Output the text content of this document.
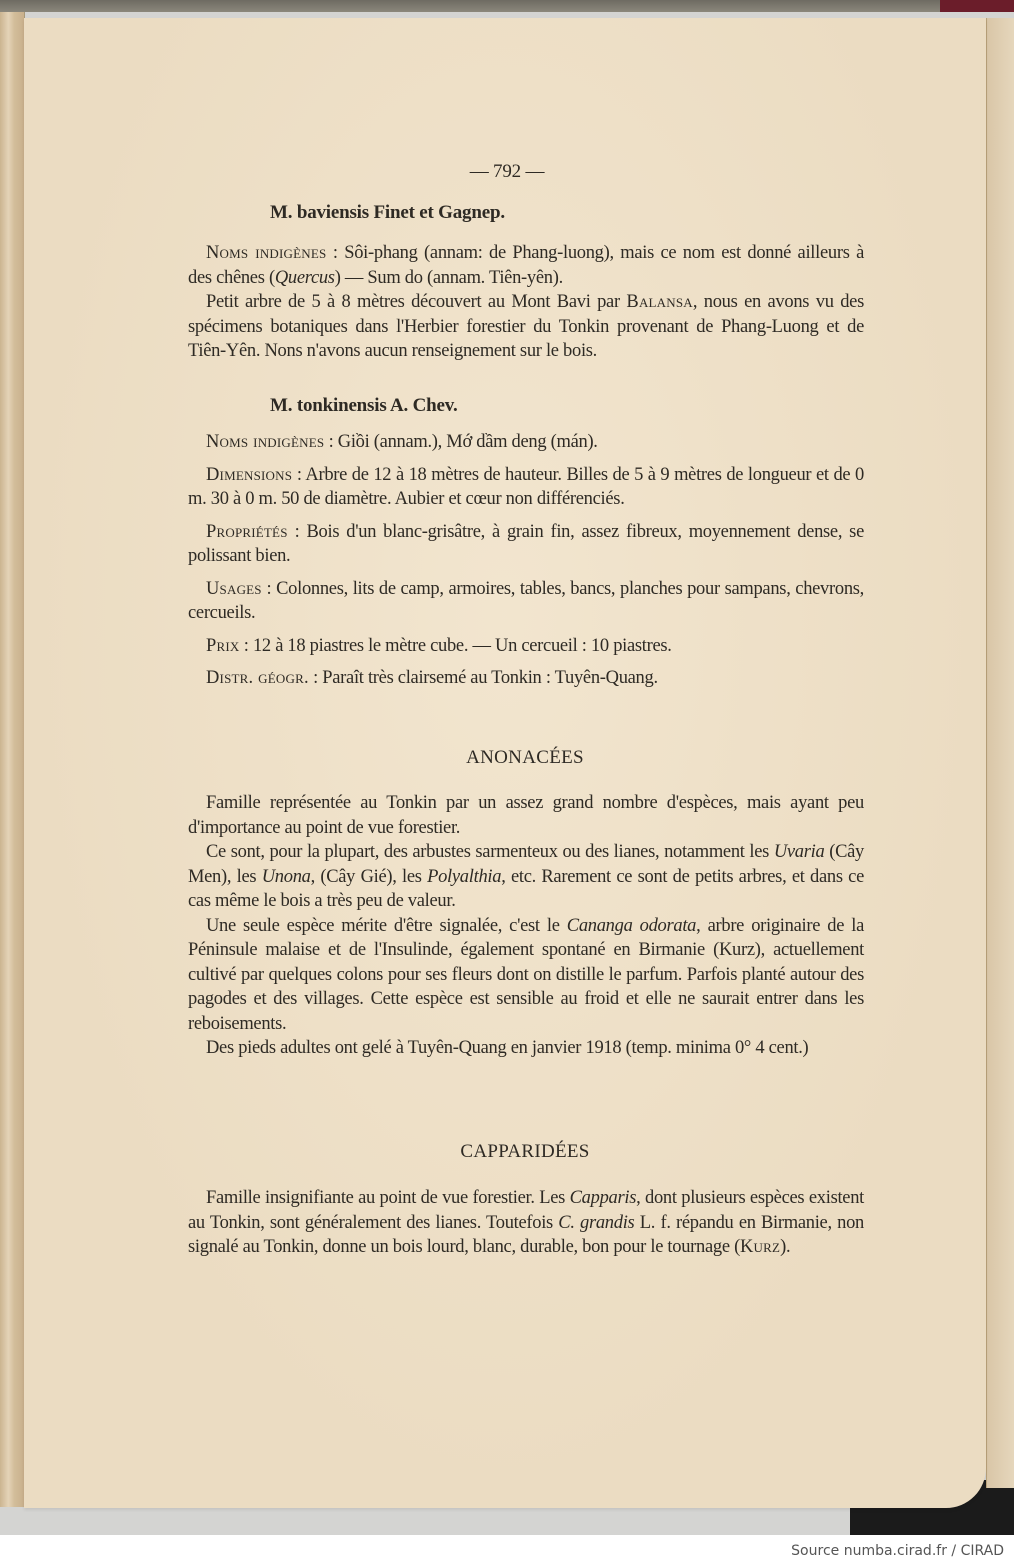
— 792 —
M. baviensis Finet et Gagnep.

Noms indigènes : Sôi-phang (annam: de Phang-luong), mais ce nom est donné ailleurs à des chênes (Quercus) — Sum do (annam. Tiên-yên).

Petit arbre de 5 à 8 mètres découvert au Mont Bavi par Balansa, nous en avons vu des spécimens botaniques dans l'Herbier forestier du Tonkin provenant de Phang-Luong et de Tiên-Yên. Nons n'avons aucun renseignement sur le bois.

M. tonkinensis A. Chev.

Noms indigènes : Giồi (annam.), Mớ dầm deng (mán).

Dimensions : Arbre de 12 à 18 mètres de hauteur. Billes de 5 à 9 mètres de longueur et de 0 m. 30 à 0 m. 50 de diamètre. Aubier et cœur non différenciés.

Propriétés : Bois d'un blanc-grisâtre, à grain fin, assez fibreux, moyennement dense, se polissant bien.

Usages : Colonnes, lits de camp, armoires, tables, bancs, planches pour sampans, chevrons, cercueils.

Prix : 12 à 18 piastres le mètre cube. — Un cercueil : 10 piastres.

Distr. géogr. : Paraît très clairsemé au Tonkin : Tuyên-Quang.

ANONACÉES

Famille représentée au Tonkin par un assez grand nombre d'espèces, mais ayant peu d'importance au point de vue forestier.

Ce sont, pour la plupart, des arbustes sarmenteux ou des lianes, notamment les Uvaria (Cây Men), les Unona, (Cây Gié), les Polyalthia, etc. Rarement ce sont de petits arbres, et dans ce cas même le bois a très peu de valeur.

Une seule espèce mérite d'être signalée, c'est le Cananga odorata, arbre originaire de la Péninsule malaise et de l'Insulinde, également spontané en Birmanie (Kurz), actuellement cultivé par quelques colons pour ses fleurs dont on distille le parfum. Parfois planté autour des pagodes et des villages. Cette espèce est sensible au froid et elle ne saurait entrer dans les reboisements.

Des pieds adultes ont gelé à Tuyên-Quang en janvier 1918 (temp. minima 0° 4 cent.)

CAPPARIDÉES

Famille insignifiante au point de vue forestier. Les Capparis, dont plusieurs espèces existent au Tonkin, sont généralement des lianes. Toutefois C. grandis L. f. répandu en Birmanie, non signalé au Tonkin, donne un bois lourd, blanc, durable, bon pour le tournage (Kurz).

Source numba.cirad.fr / CIRAD
